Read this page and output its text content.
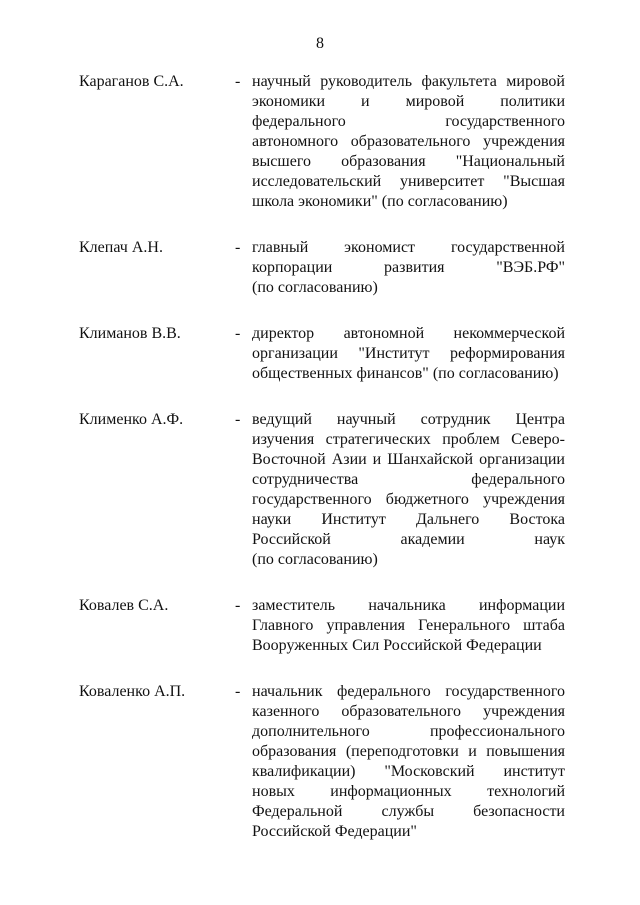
8
Караганов С.А.	- научный руководитель факультета мировой
экономики и мировой политики
федерального государственного
автономного образовательного учреждения
высшего образования "Национальный
исследовательский университет "Высшая
школа экономики" (по согласованию)
Клепач А.Н.	- главный экономист государственной
корпорации развития "ВЭБ.РФ"
(по согласованию)
Климанов В.В.	- директор автономной некоммерческой
организации "Институт реформирования
общественных финансов" (по согласованию)
Клименко А.Ф.	- ведущий научный сотрудник Центра
изучения стратегических проблем Северо-
Восточной Азии и Шанхайской организации
сотрудничества федерального
государственного бюджетного учреждения
науки Институт Дальнего Востока
Российской академии наук
(по согласованию)
Ковалев С.А.	- заместитель начальника информации
Главного управления Генерального штаба
Вооруженных Сил Российской Федерации
Коваленко А.П.	- начальник федерального государственного
казенного образовательного учреждения
дополнительного профессионального
образования (переподготовки и повышения
квалификации) "Московский институт
новых информационных технологий
Федеральной службы безопасности
Российской Федерации"
